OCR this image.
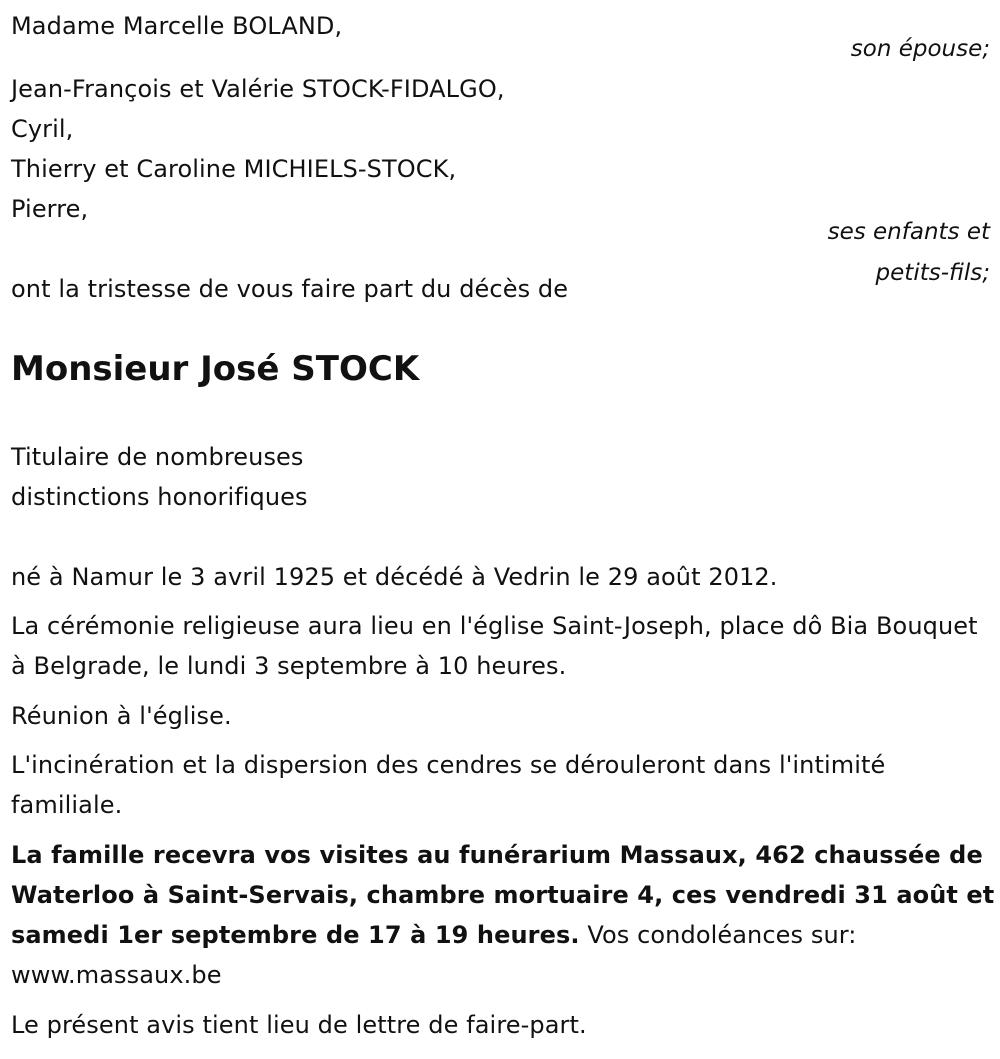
Madame Marcelle BOLAND,
son épouse;
Jean-François et Valérie STOCK-FIDALGO,
Cyril,
Thierry et Caroline MICHIELS-STOCK,
Pierre,
ses enfants et
petits-fils;
ont la tristesse de vous faire part du décès de
Monsieur José STOCK
Titulaire de nombreuses
distinctions honorifiques
né à Namur le 3 avril 1925 et décédé à Vedrin le 29 août 2012.
La cérémonie religieuse aura lieu en l'église Saint-Joseph, place dô Bia Bouquet à Belgrade, le lundi 3 septembre à 10 heures.
Réunion à l'église.
L'incinération et la dispersion des cendres se dérouleront dans l'intimité familiale.
La famille recevra vos visites au funérarium Massaux, 462 chaussée de Waterloo à Saint-Servais, chambre mortuaire 4, ces vendredi 31 août et samedi 1er septembre de 17 à 19 heures. Vos condoléances sur: www.massaux.be
Le présent avis tient lieu de lettre de faire-part.
